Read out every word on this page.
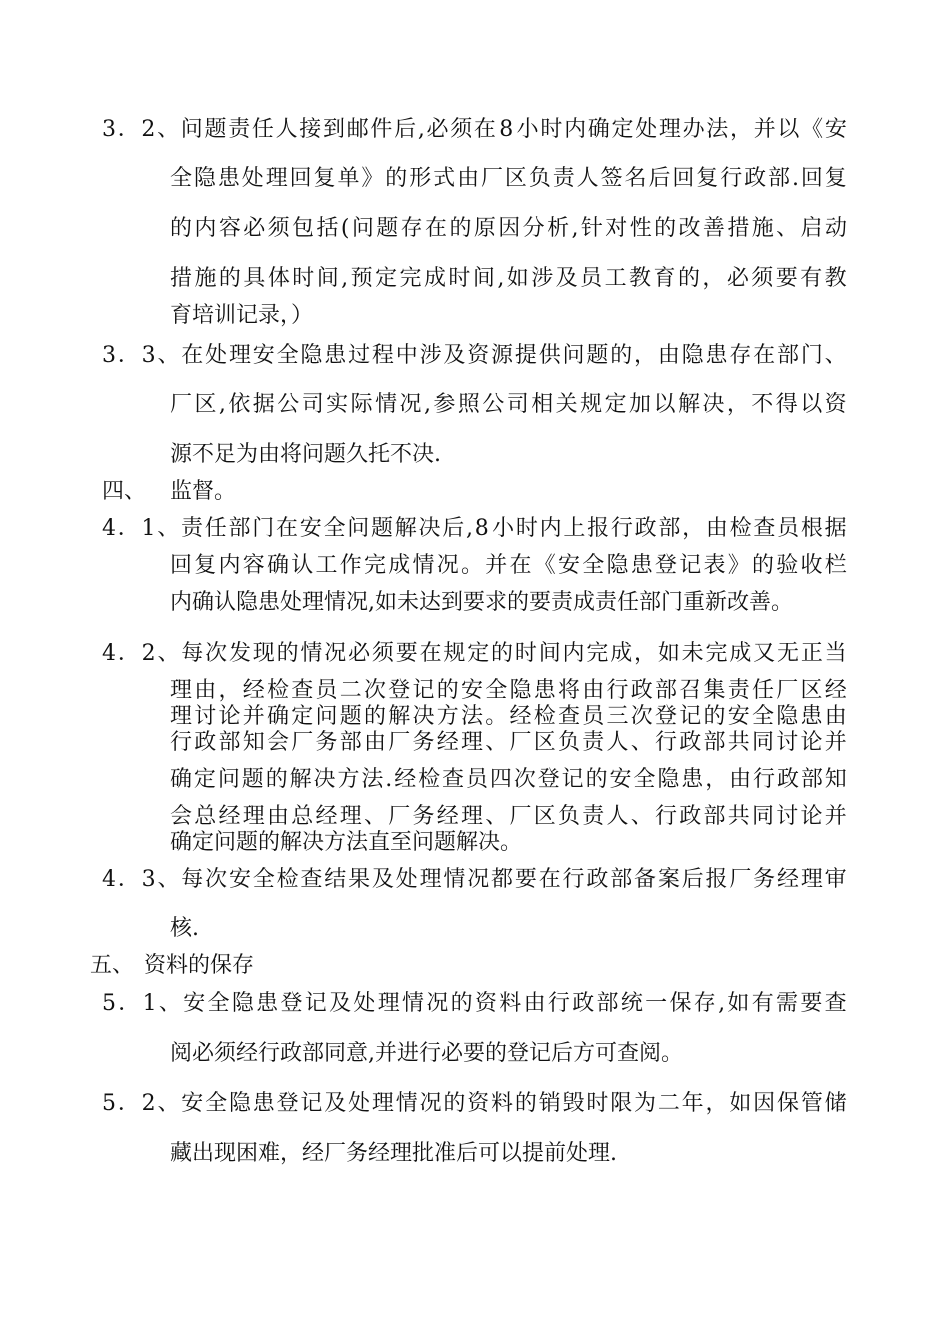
3 ． 2 、 问 题 责 任 人 接 到 邮 件 后 , 必 须 在 8 小 时 内 确 定 处 理 办 法 ， 并 以 《 安
全 隐 患 处 理 回 复 单 》 的 形 式 由 厂 区 负 责 人 签 名 后 回 复 行 政 部 . 回 复
的 内 容 必 须 包 括 ( 问 题 存 在 的 原 因 分 析 , 针 对 性 的 改 善 措 施 、 启 动
措 施 的 具 体 时 间 , 预 定 完 成 时 间 , 如 涉 及 员 工 教 育 的 ， 必 须 要 有 教
育培训记录，）
3 ． 3 、 在 处 理 安 全 隐 患 过 程 中 涉 及 资 源 提 供 问 题 的 ， 由 隐 患 存 在 部 门 、
厂 区 , 依 据 公 司 实 际 情 况 , 参 照 公 司 相 关 规 定 加 以 解 决 ， 不 得 以 资
源不足为由将问题久托不决.
四、 监督。
4 ． 1 、 责 任 部 门 在 安 全 问 题 解 决 后 , 8 小 时 内 上 报 行 政 部 ， 由 检 查 员 根 据
回 复 内 容 确 认 工 作 完 成 情 况 。 并 在 《 安 全 隐 患 登 记 表 》 的 验 收 栏
内确认隐患处理情况,如未达到要求的要责成责任部门重新改善。
4 ． 2 、 每 次 发 现 的 情 况 必 须 要 在 规 定 的 时 间 内 完 成 ， 如 未 完 成 又 无 正 当
理 由 ， 经 检 查 员 二 次 登 记 的 安 全 隐 患 将 由 行 政 部 召 集 责 任 厂 区 经
理 讨 论 并 确 定 问 题 的 解 决 方 法 。 经 检 查 员 三 次 登 记 的 安 全 隐 患 由
行 政 部 知 会 厂 务 部 由 厂 务 经 理 、 厂 区 负 责 人 、 行 政 部 共 同 讨 论 并
确 定 问 题 的 解 决 方 法 . 经 检 查 员 四 次 登 记 的 安 全 隐 患 ， 由 行 政 部 知
会 总 经 理 由 总 经 理 、 厂 务 经 理 、 厂 区 负 责 人 、 行 政 部 共 同 讨 论 并
确定问题的解决方法直至问题解决。
4 ． 3 、 每 次 安 全 检 查 结 果 及 处 理 情 况 都 要 在 行 政 部 备 案 后 报 厂 务 经 理 审
核.
五、 资料的保存
5 ． 1 、 安 全 隐 患 登 记 及 处 理 情 况 的 资 料 由 行 政 部 统 一 保 存 , 如 有 需 要 查
阅必须经行政部同意,并进行必要的登记后方可查阅。
5 ． 2 、 安 全 隐 患 登 记 及 处 理 情 况 的 资 料 的 销 毁 时 限 为 二 年 ， 如 因 保 管 储
藏出现困难，经厂务经理批准后可以提前处理.
